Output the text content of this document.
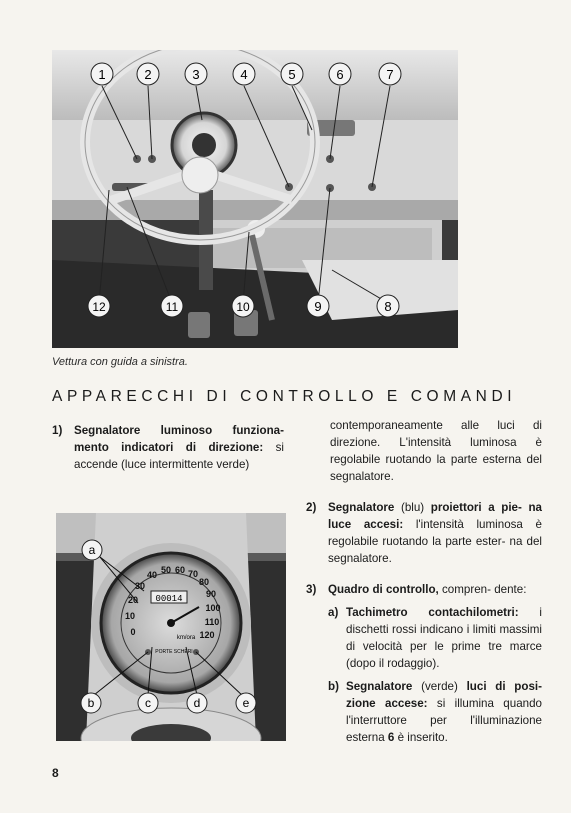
1	2	3	4	5	6	7
8
9
10
11
12
Vettura con guida a sinistra.
APPARECCHI DI CONTROLLO E COMANDI
1)	Segnalatore luminoso funziona- mento indicatori di direzione: si accende (luce intermittente verde)
0
10
20
30
40 50 60 70
80
90
100
110
120
00014
km/ora
PORTE SCHERI
a
b	c	d	e
contemporaneamente alle luci di direzione. L'intensità luminosa è regolabile ruotando la parte esterna del segnalatore.
2)	Segnalatore (blu) proiettori a pie- na luce accesi: l'intensità luminosa è regolabile ruotando la parte ester- na del segnalatore.
3)	Quadro di controllo, compren- dente:
a) Tachimetro contachilometri: i dischetti rossi indicano i limiti massimi di velocità per le prime tre marce (dopo il rodaggio).
b) Segnalatore (verde) luci di posi- zione accese: si illumina quando l'interruttore per l'illuminazione esterna 6 è inserito.
8
